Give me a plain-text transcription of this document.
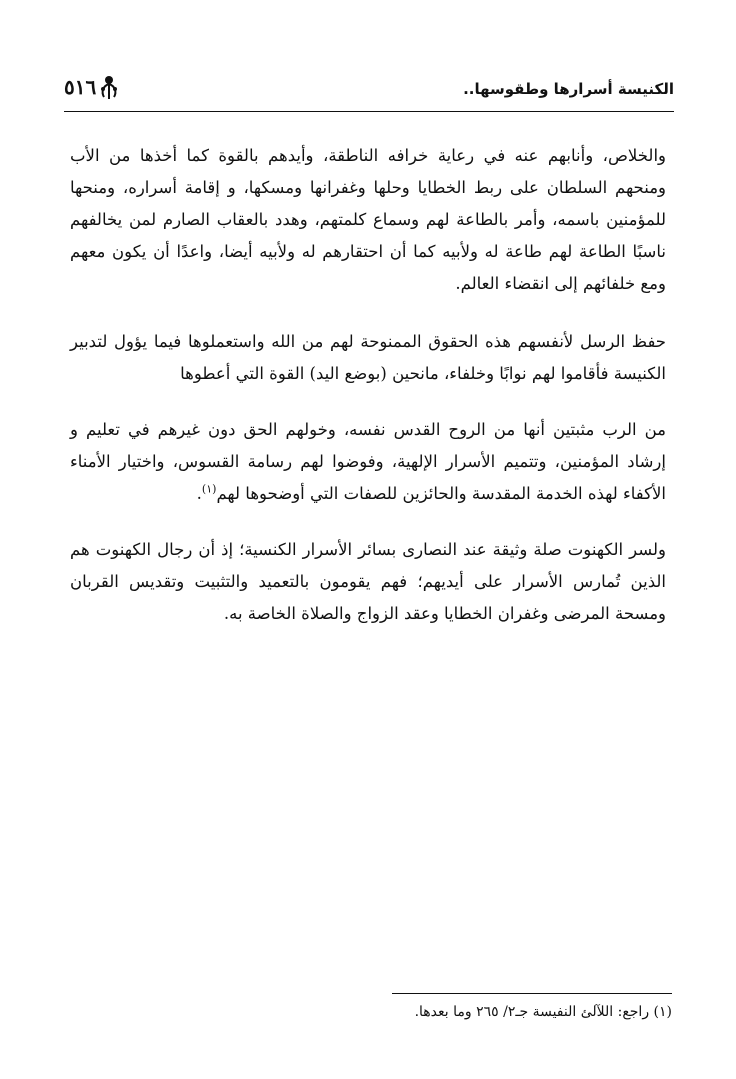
الكنيسة أسرارها وطقوسها..
٥١٦

والخلاص، وأنابهم عنه في رعاية خرافه الناطقة، وأيدهم بالقوة كما أخذها من الأب ومنحهم السلطان على ربط الخطايا وحلها وغفرانها ومسكها، و إقامة أسراره، ومنحها للمؤمنين باسمه، وأمر بالطاعة لهم وسماع كلمتهم، وهدد بالعقاب الصارم لمن يخالفهم ناسبًا الطاعة لهم طاعة له ولأبيه كما أن احتقارهم له ولأبيه أيضا، واعدًا أن يكون معهم ومع خلفائهم إلى انقضاء العالم.

حفظ الرسل لأنفسهم هذه الحقوق الممنوحة لهم من الله واستعملوها فيما يؤول لتدبير الكنيسة فأقاموا لهم نوابًا وخلفاء، مانحين (بوضع اليد) القوة التي أعطوها

من الرب مثبتين أنها من الروح القدس نفسه، وخولهم الحق دون غيرهم في تعليم و إرشاد المؤمنين، وتتميم الأسرار الإلهية، وفوضوا لهم رسامة القسوس، واختيار الأمناء الأكفاء لهذه الخدمة المقدسة والحائزين للصفات التي أوضحوها لهم$^{(١)}$.

ولسر الكهنوت صلة وثيقة عند النصارى بسائر الأسرار الكنسية؛ إذ أن رجال الكهنوت هم الذين تُمارس الأسرار على أيديهم؛ فهم يقومون بالتعميد والتثبيت وتقديس القربان ومسحة المرضى وغفران الخطايا وعقد الزواج والصلاة الخاصة به.

(١) راجع: اللآلئ النفيسة جـ٢/ ٢٦٥ وما بعدها.
